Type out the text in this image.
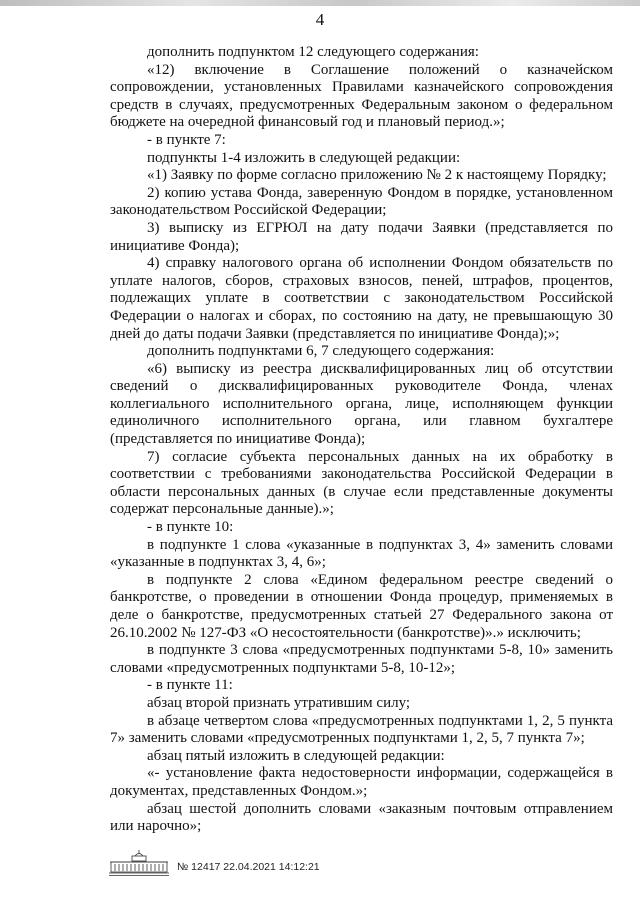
4

дополнить подпунктом 12 следующего содержания:

«12) включение в Соглашение положений о казначейском сопровождении, установленных Правилами казначейского сопровождения средств в случаях, предусмотренных Федеральным законом о федеральном бюджете на очередной финансовый год и плановый период.»;

- в пункте 7:

подпункты 1-4 изложить в следующей редакции:

«1) Заявку по форме согласно приложению № 2 к настоящему Порядку;

2) копию устава Фонда, заверенную Фондом в порядке, установленном законодательством Российской Федерации;

3) выписку из ЕГРЮЛ на дату подачи Заявки (представляется по инициативе Фонда);

4) справку налогового органа об исполнении Фондом обязательств по уплате налогов, сборов, страховых взносов, пеней, штрафов, процентов, подлежащих уплате в соответствии с законодательством Российской Федерации о налогах и сборах, по состоянию на дату, не превышающую 30 дней до даты подачи Заявки (представляется по инициативе Фонда);»;

дополнить подпунктами 6, 7 следующего содержания:

«6) выписку из реестра дисквалифицированных лиц об отсутствии сведений о дисквалифицированных руководителе Фонда, членах коллегиального исполнительного органа, лице, исполняющем функции единоличного исполнительного органа, или главном бухгалтере (представляется по инициативе Фонда);

7) согласие субъекта персональных данных на их обработку в соответствии с требованиями законодательства Российской Федерации в области персональных данных (в случае если представленные документы содержат персональные данные).»;

- в пункте 10:

в подпункте 1 слова «указанные в подпунктах 3, 4» заменить словами «указанные в подпунктах 3, 4, 6»;

в подпункте 2 слова «Едином федеральном реестре сведений о банкротстве, о проведении в отношении Фонда процедур, применяемых в деле о банкротстве, предусмотренных статьей 27 Федерального закона от 26.10.2002 № 127-ФЗ «О несостоятельности (банкротстве)».» исключить;

в подпункте 3 слова «предусмотренных подпунктами 5-8, 10» заменить словами «предусмотренных подпунктами 5-8, 10-12»;

- в пункте 11:

абзац второй признать утратившим силу;

в абзаце четвертом слова «предусмотренных подпунктами 1, 2, 5 пункта 7» заменить словами «предусмотренных подпунктами 1, 2, 5, 7 пункта 7»;

абзац пятый изложить в следующей редакции:

«- установление факта недостоверности информации, содержащейся в документах, представленных Фондом.»;

абзац шестой дополнить словами «заказным почтовым отправлением или нарочно»;

№ 12417 22.04.2021 14:12:21
